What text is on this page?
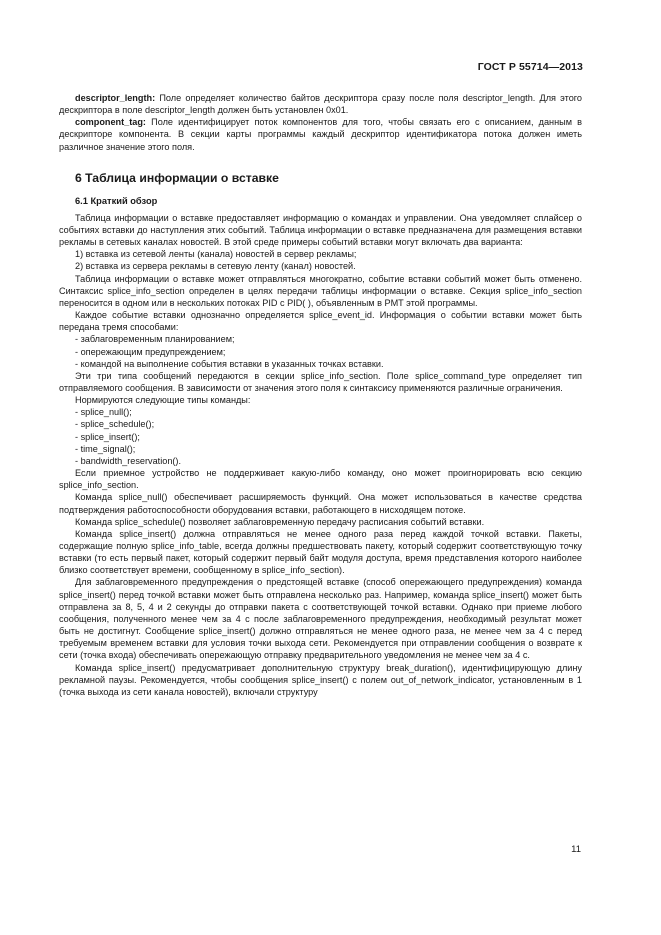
ГОСТ Р 55714—2013

descriptor_length: Поле определяет количество байтов дескриптора сразу после поля descriptor_length. Для этого дескриптора в поле descriptor_length должен быть установлен 0x01.

component_tag: Поле идентифицирует поток компонентов для того, чтобы связать его с описанием, данным в дескрипторе компонента. В секции карты программы каждый дескриптор идентификатора потока должен иметь различное значение этого поля.

6 Таблица информации о вставке
6.1 Краткий обзор

Таблица информации о вставке предоставляет информацию о командах и управлении. Она уведомляет сплайсер о событиях вставки до наступления этих событий. Таблица информации о вставке предназначена для размещения вставки рекламы в сетевых каналах новостей. В этой среде примеры событий вставки могут включать два варианта:

1) вставка из сетевой ленты (канала) новостей в сервер рекламы;

2) вставка из сервера рекламы в сетевую ленту (канал) новостей.

Таблица информации о вставке может отправляться многократно, событие вставки событий может быть отменено. Синтаксис splice_info_section определен в целях передачи таблицы информации о вставке. Секция splice_info_section переносится в одном или в нескольких потоках PID с PID( ), объявленным в PMT этой программы.

Каждое событие вставки однозначно определяется splice_event_id. Информация о событии вставки может быть передана тремя способами:

- заблаговременным планированием;

- опережающим предупреждением;

- командой на выполнение события вставки в указанных точках вставки.

Эти три типа сообщений передаются в секции splice_info_section. Поле splice_command_type определяет тип отправляемого сообщения. В зависимости от значения этого поля к синтаксису применяются различные ограничения.

Нормируются следующие типы команды:

- splice_null();

- splice_schedule();

- splice_insert();

- time_signal();

- bandwidth_reservation().

Если приемное устройство не поддерживает какую-либо команду, оно может проигнорировать всю секцию splice_info_section.

Команда splice_null() обеспечивает расширяемость функций. Она может использоваться в качестве средства подтверждения работоспособности оборудования вставки, работающего в нисходящем потоке.

Команда splice_schedule() позволяет заблаговременную передачу расписания событий вставки.

Команда splice_insert() должна отправляться не менее одного раза перед каждой точкой вставки. Пакеты, содержащие полную splice_info_table, всегда должны предшествовать пакету, который содержит соответствующую точку вставки (то есть первый пакет, который содержит первый байт модуля доступа, время представления которого наиболее близко соответствует времени, сообщенному в splice_info_section).

Для заблаговременного предупреждения о предстоящей вставке (способ опережающего предупреждения) команда splice_insert() перед точкой вставки может быть отправлена несколько раз. Например, команда splice_insert() может быть отправлена за 8, 5, 4 и 2 секунды до отправки пакета с соответствующей точкой вставки. Однако при приеме любого сообщения, полученного менее чем за 4 с после заблаговременного предупреждения, необходимый результат может быть не достигнут. Сообщение splice_insert() должно отправляться не менее одного раза, не менее чем за 4 с перед требуемым временем вставки для условия точки выхода сети. Рекомендуется при отправлении сообщения о возврате к сети (точка входа) обеспечивать опережающую отправку предварительного уведомления не менее чем за 4 с.

Команда splice_insert() предусматривает дополнительную структуру break_duration(), идентифицирующую длину рекламной паузы. Рекомендуется, чтобы сообщения splice_insert() с полем out_of_network_indicator, установленным в 1 (точка выхода из сети канала новостей), включали структуру

11
